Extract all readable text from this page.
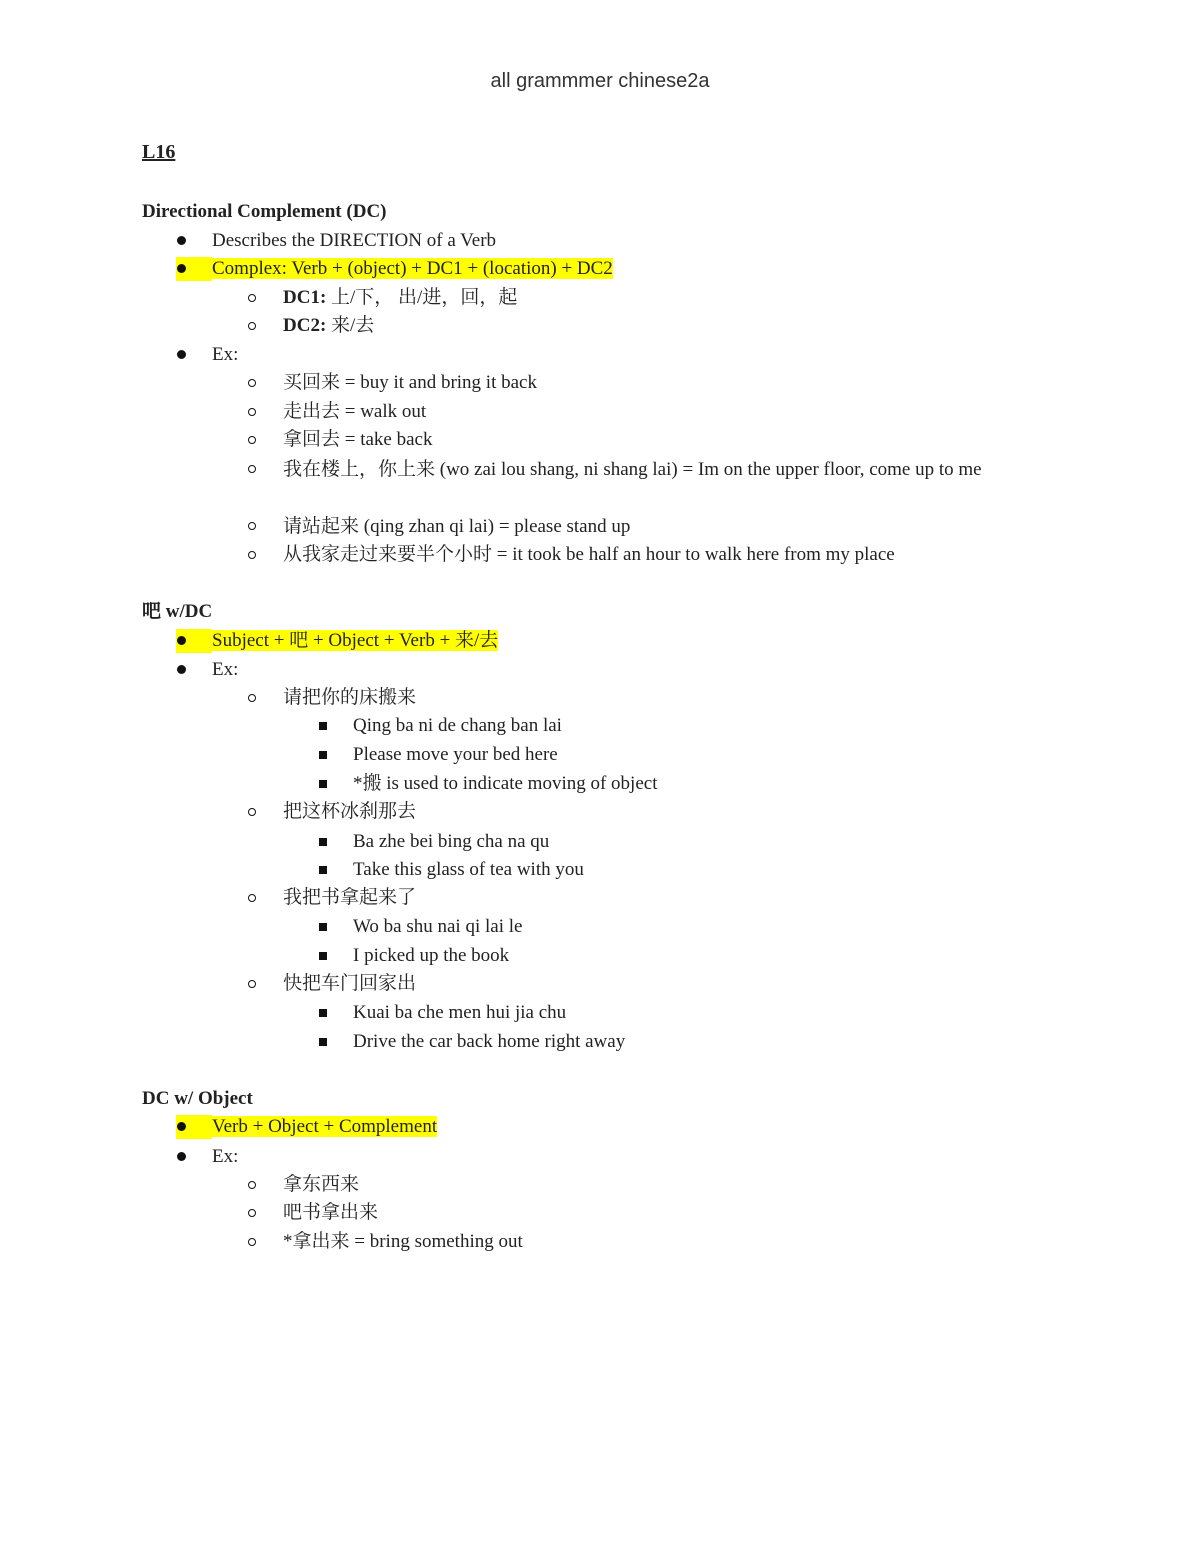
all grammmer chinese2a
L16
Directional Complement (DC)
Describes the DIRECTION of a Verb
Complex: Verb + (object) + DC1 + (location) + DC2
DC1: 上/下， 出/进，回，起
DC2: 来/去
Ex:
买回来 = buy it and bring it back
走出去 = walk out
拿回去 = take back
我在楼上，你上来 (wo zai lou shang, ni shang lai) = Im on the upper floor, come up to me
请站起来 (qing zhan qi lai) = please stand up
从我家走过来要半个小时 = it took be half an hour to walk here from my place
吧 w/DC
Subject + 吧 + Object + Verb + 来/去
Ex:
请把你的床搬来
Qing ba ni de chang ban lai
Please move your bed here
*搬 is used to indicate moving of object
把这杯冰刹那去
Ba zhe bei bing cha na qu
Take this glass of tea with you
我把书拿起来了
Wo ba shu nai qi lai le
I picked up the book
快把车门回家出
Kuai ba che men hui jia chu
Drive the car back home right away
DC w/ Object
Verb + Object + Complement
Ex:
拿东西来
吧书拿出来
*拿出来 = bring something out
